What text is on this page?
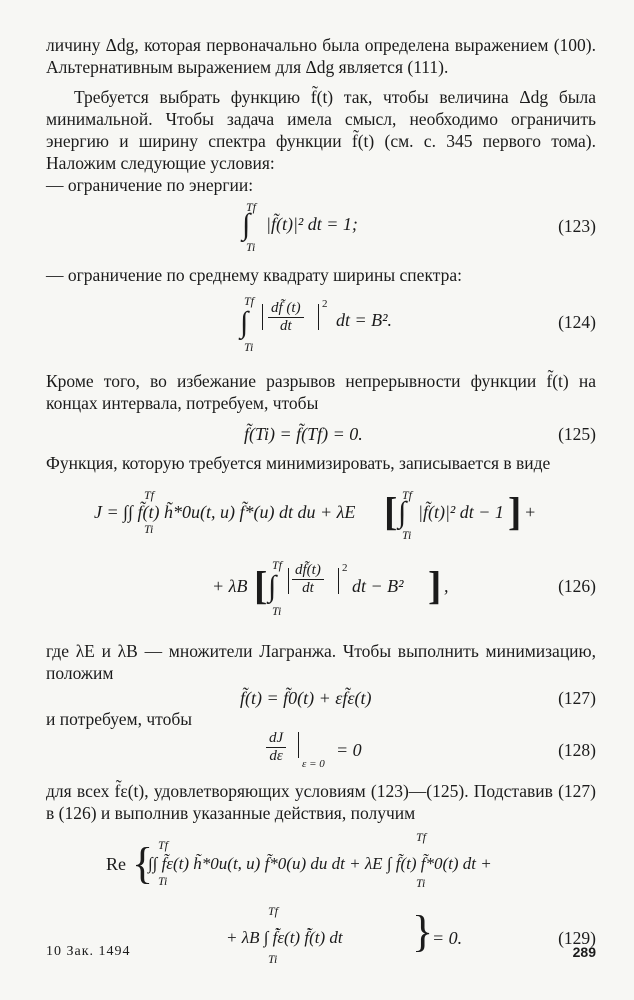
личину Δdg, которая первоначально была определена выражением (100). Альтернативным выражением для Δdg является (111).

Требуется выбрать функцию f̃(t) так, чтобы величина Δdg была минимальной. Чтобы задача имела смысл, необходимо ограничить энергию и ширину спектра функции f̃(t) (см. с. 345 первого тома). Наложим следующие условия:

— ограничение по энергии:

Tf
∫
Ti
|f̃(t)|² dt = 1;	(123)

— ограничение по среднему квадрату ширины спектра:

Tf
∫
Ti
$\frac{df̃ (t)}{dt} 2$
dt = B².	(124)

Кроме того, во избежание разрывов непрерывности функции f̃(t) на концах интервала, потребуем, чтобы

f̃(Ti) = f̃(Tf) = 0.	(125)

Функция, которую требуется минимизировать, записывается в виде

Tf
Ti
J = ∫∫ f̃(t) h̃*0u(t, u) f̃*(u) dt du + λE [ Tf
∫
Ti
|f̃(t)|² dt − 1 ] +
+ λB [ Tf
∫
Ti
$\frac{df̃(t)}{dt} 2$
dt − B² ] ,	(126)

где λE и λB — множители Лагранжа. Чтобы выполнить минимизацию, положим

f̃(t) = f̃0(t) + εf̃ε(t)	(127)

и потребуем, чтобы

$\frac{dJ}{d\varepsilon}$ ε = 0
= 0	(128)

для всех f̃ε(t), удовлетворяющих условиям (123)—(125). Подставив (127) в (126) и выполнив указанные действия, получим

Re { Tf
Ti
∫∫ f̃ε(t) h̃*0u(t, u) f̃*0(u) du dt + λE ∫ f̃(t) f̃*0(t) dt +
Tf
Ti
Tf
Ti
+ λB ∫ f̃̇ε(t) f̃̇(t) dt }
= 0.	(129)
10 Зак. 1494	289
